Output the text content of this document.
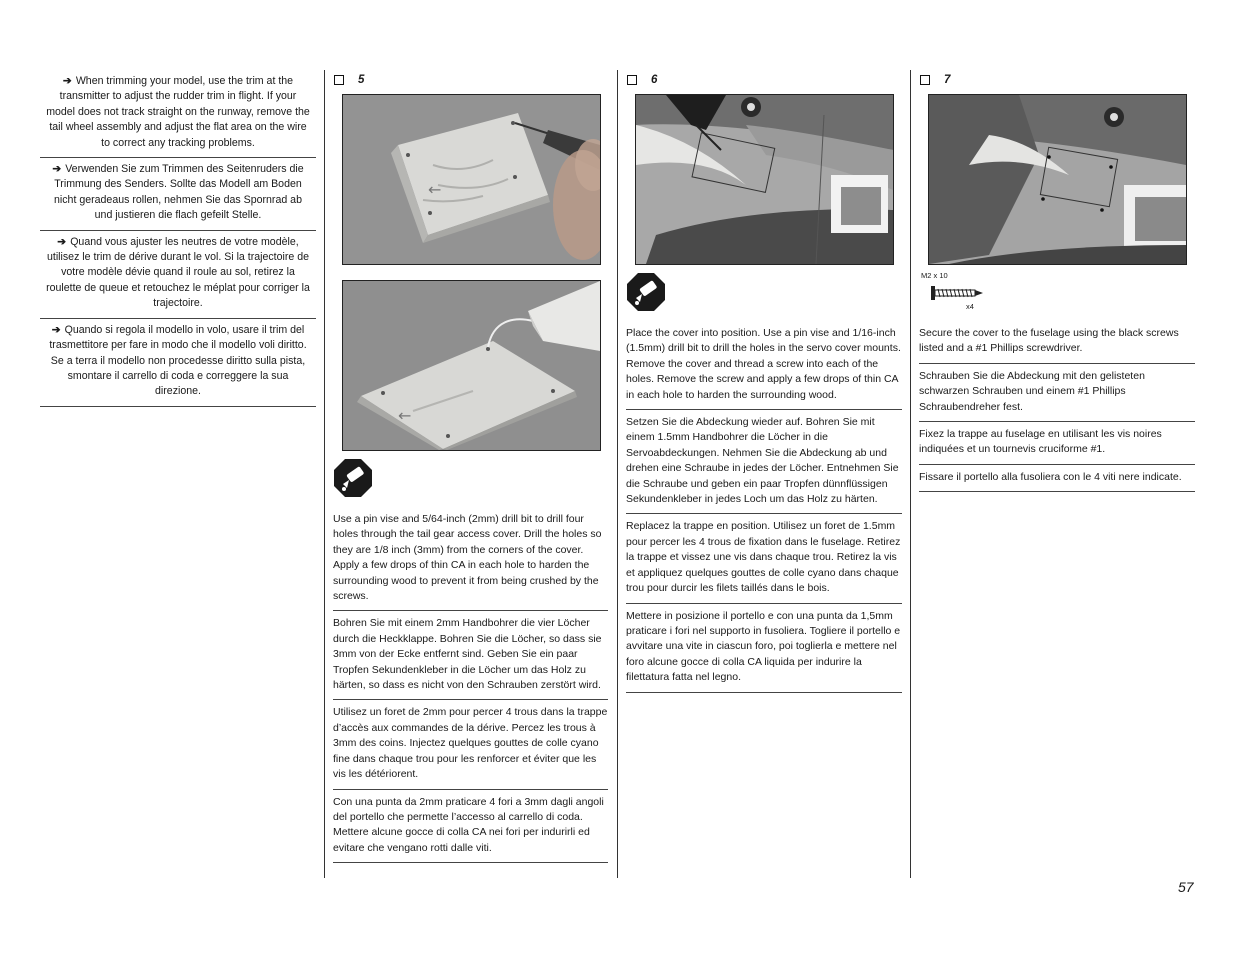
➔ When trimming your model, use the trim at the transmitter to adjust the rudder trim in flight. If your model does not track straight on the runway, remove the tail wheel assembly and adjust the flat area on the wire to correct any tracking problems.
➔ Verwenden Sie zum Trimmen des Seitenruders die Trimmung des Senders. Sollte das Modell am Boden nicht geradeaus rollen, nehmen Sie das Spornrad ab und justieren die flach gefeilt Stelle.
➔ Quand vous ajuster les neutres de votre modèle, utilisez le trim de dérive durant le vol. Si la trajectoire de votre modèle dévie quand il roule au sol, retirez la roulette de queue et retouchez le méplat pour corriger la trajectoire.
➔ Quando si regola il modello in volo, usare il trim del trasmettitore per fare in modo che il modello voli diritto. Se a terra il modello non procedesse diritto sulla pista, smontare il carrello di coda e correggere la sua direzione.
5
←
←
Use a pin vise and 5/64-inch (2mm) drill bit to drill four holes through the tail gear access cover. Drill the holes so they are 1/8 inch (3mm) from the corners of the cover. Apply a few drops of thin CA in each hole to harden the surrounding wood to prevent it from being crushed by the screws.
Bohren Sie mit einem 2mm Handbohrer die vier Löcher durch die Heckklappe. Bohren Sie die Löcher, so dass sie 3mm von der Ecke entfernt sind. Geben Sie ein paar Tropfen Sekundenkleber in die Löcher um das Holz zu härten, so dass es nicht von den Schrauben zerstört wird.
Utilisez un foret de 2mm pour percer 4 trous dans la trappe d’accès aux commandes de la dérive. Percez les trous à 3mm des coins. Injectez quelques gouttes de colle cyano fine dans chaque trou pour les renforcer et éviter que les vis les détériorent.
Con una punta da 2mm praticare 4 fori a 3mm dagli angoli del portello che permette l’accesso al carrello di coda. Mettere alcune gocce di colla CA nei fori per indurirli ed evitare che vengano rotti dalle viti.
6
Place the cover into position. Use a pin vise and 1/16-inch (1.5mm) drill bit to drill the holes in the servo cover mounts. Remove the cover and thread a screw into each of the holes. Remove the screw and apply a few drops of thin CA in each hole to harden the surrounding wood.
Setzen Sie die Abdeckung wieder auf. Bohren Sie mit einem 1.5mm Handbohrer die Löcher in die Servoabdeckungen. Nehmen Sie die Abdeckung ab und drehen eine Schraube in jedes der Löcher. Entnehmen Sie die Schraube und geben ein paar Tropfen dünnflüssigen Sekundenkleber in jedes Loch um das Holz zu härten.
Replacez la trappe en position. Utilisez un foret de 1.5mm pour percer les 4 trous de fixation dans le fuselage. Retirez la trappe et vissez une vis dans chaque trou. Retirez la vis et appliquez quelques gouttes de colle cyano dans chaque trou pour durcir les filets taillés dans le bois.
Mettere in posizione il portello e con una punta da 1,5mm praticare i fori nel supporto in fusoliera. Togliere il portello e avvitare una vite in ciascun foro, poi toglierla e mettere nel foro alcune gocce di colla CA liquida per indurire la filettatura fatta nel legno.
7
M2 x 10
x4
Secure the cover to the fuselage using the black screws listed and a #1 Phillips screwdriver.
Schrauben Sie die Abdeckung mit den gelisteten schwarzen Schrauben und einem #1 Phillips Schraubendreher fest.
Fixez la trappe au fuselage en utilisant les vis noires indiquées et un tournevis cruciforme #1.
Fissare il portello alla fusoliera con le 4 viti nere indicate.
57
